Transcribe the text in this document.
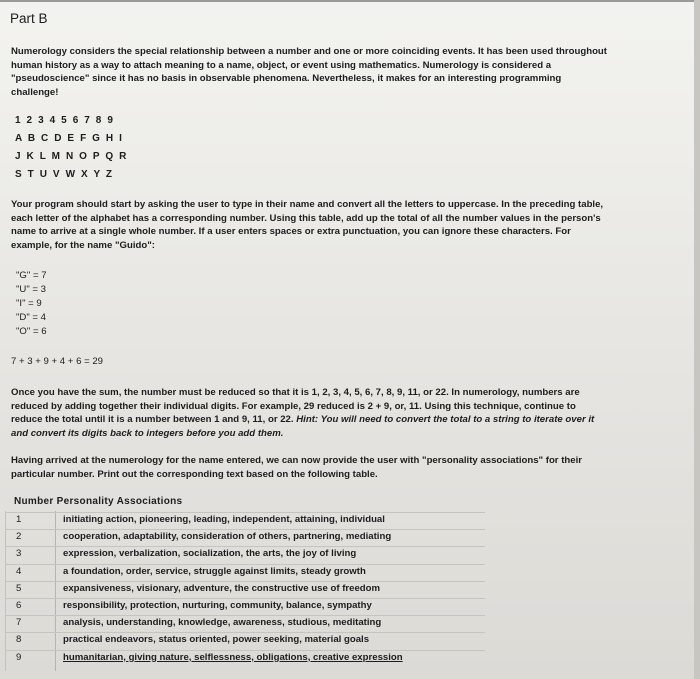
Part B
Numerology considers the special relationship between a number and one or more coinciding events. It has been used throughout
human history as a way to attach meaning to a name, object, or event using mathematics. Numerology is considered a
"pseudoscience" since it has no basis in observable phenomena. Nevertheless, it makes for an interesting programming
challenge!
1 2 3 4 5 6 7 8 9
A B C D E F G H I
J K L M N O P Q R
S T U V W X Y Z
Your program should start by asking the user to type in their name and convert all the letters to uppercase. In the preceding table,
each letter of the alphabet has a corresponding number. Using this table, add up the total of all the number values in the person's
name to arrive at a single whole number. If a user enters spaces or extra punctuation, you can ignore these characters. For
example, for the name "Guido":
"G" = 7
"U" = 3
"I" = 9
"D" = 4
"O" = 6
7 + 3 + 9 + 4 + 6 = 29
Once you have the sum, the number must be reduced so that it is 1, 2, 3, 4, 5, 6, 7, 8, 9, 11, or 22. In numerology, numbers are
reduced by adding together their individual digits. For example, 29 reduced is 2 + 9, or, 11. Using this technique, continue to
reduce the total until it is a number between 1 and 9, 11, or 22. Hint: You will need to convert the total to a string to iterate over it
and convert its digits back to integers before you add them.
Having arrived at the numerology for the name entered, we can now provide the user with "personality associations" for their
particular number. Print out the corresponding text based on the following table.
Number Personality Associations
1	initiating action, pioneering, leading, independent, attaining, individual
2	cooperation, adaptability, consideration of others, partnering, mediating
3	expression, verbalization, socialization, the arts, the joy of living
4	a foundation, order, service, struggle against limits, steady growth
5	expansiveness, visionary, adventure, the constructive use of freedom
6	responsibility, protection, nurturing, community, balance, sympathy
7	analysis, understanding, knowledge, awareness, studious, meditating
8	practical endeavors, status oriented, power seeking, material goals
9	humanitarian, giving nature, selflessness, obligations, creative expression
